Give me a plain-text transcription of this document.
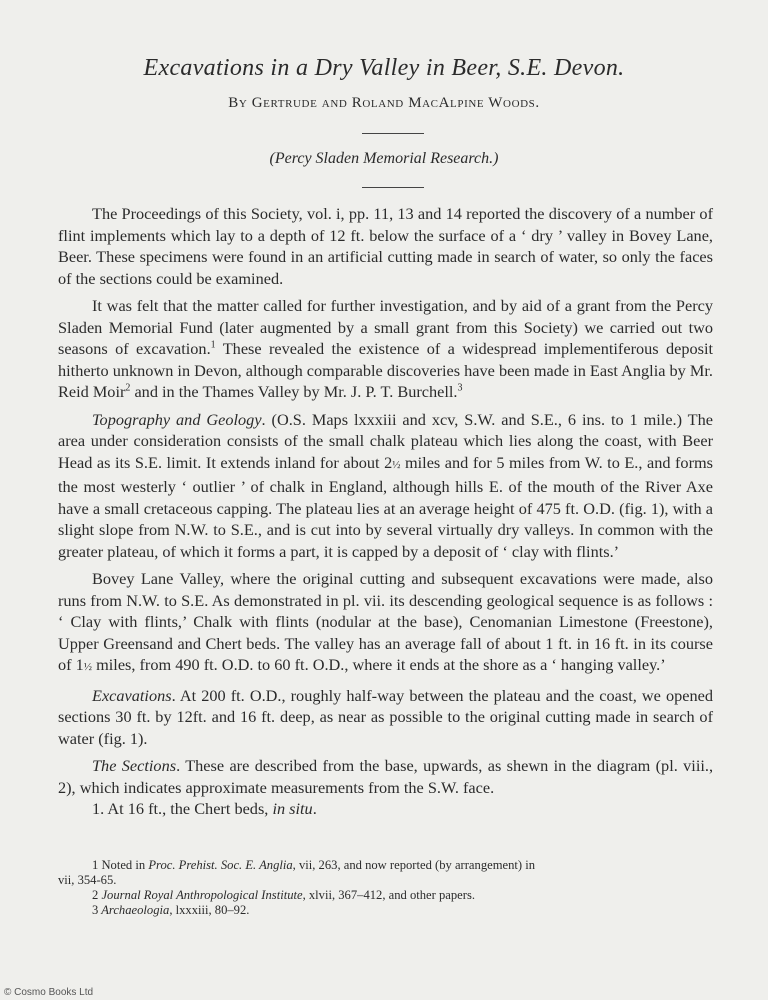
Excavations in a Dry Valley in Beer, S.E. Devon.
By Gertrude and Roland MacAlpine Woods.
(Percy Sladen Memorial Research.)

The Proceedings of this Society, vol. i, pp. 11, 13 and 14 reported the discovery of a number of flint implements which lay to a depth of 12 ft. below the surface of a ‘ dry ’ valley in Bovey Lane, Beer. These specimens were found in an artificial cutting made in search of water, so only the faces of the sections could be examined.

It was felt that the matter called for further investigation, and by aid of a grant from the Percy Sladen Memorial Fund (later augmented by a small grant from this Society) we carried out two seasons of excavation.$^1$ These revealed the existence of a widespread implementiferous deposit hitherto unknown in Devon, although comparable discoveries have been made in East Anglia by Mr. Reid Moir$^2$ and in the Thames Valley by Mr. J. P. T. Burchell.$^3$

Topography and Geology. (O.S. Maps lxxxiii and xcv, S.W. and S.E., 6 ins. to 1 mile.) The area under consideration consists of the small chalk plateau which lies along the coast, with Beer Head as its S.E. limit. It extends inland for about 2½ miles and for 5 miles from W. to E., and forms the most westerly ‘ outlier ’ of chalk in England, although hills E. of the mouth of the River Axe have a small cretaceous capping. The plateau lies at an average height of 475 ft. O.D. (fig. 1), with a slight slope from N.W. to S.E., and is cut into by several virtually dry valleys. In common with the greater plateau, of which it forms a part, it is capped by a deposit of ‘ clay with flints.’

Bovey Lane Valley, where the original cutting and subsequent excavations were made, also runs from N.W. to S.E. As demonstrated in pl. vii. its descending geological sequence is as follows : ‘ Clay with flints,’ Chalk with flints (nodular at the base), Cenomanian Limestone (Freestone), Upper Greensand and Chert beds. The valley has an average fall of about 1 ft. in 16 ft. in its course of 1½ miles, from 490 ft. O.D. to 60 ft. O.D., where it ends at the shore as a ‘ hanging valley.’

Excavations. At 200 ft. O.D., roughly half-way between the plateau and the coast, we opened sections 30 ft. by 12ft. and 16 ft. deep, as near as possible to the original cutting made in search of water (fig. 1).

The Sections. These are described from the base, upwards, as shewn in the diagram (pl. viii., 2), which indicates approximate measurements from the S.W. face.

1. At 16 ft., the Chert beds, in situ.

1 Noted in Proc. Prehist. Soc. E. Anglia, vii, 263, and now reported (by arrangement) in
vii, 354-65.
2 Journal Royal Anthropological Institute, xlvii, 367–412, and other papers.
3 Archaeologia, lxxxiii, 80–92.
© Cosmo Books Ltd
